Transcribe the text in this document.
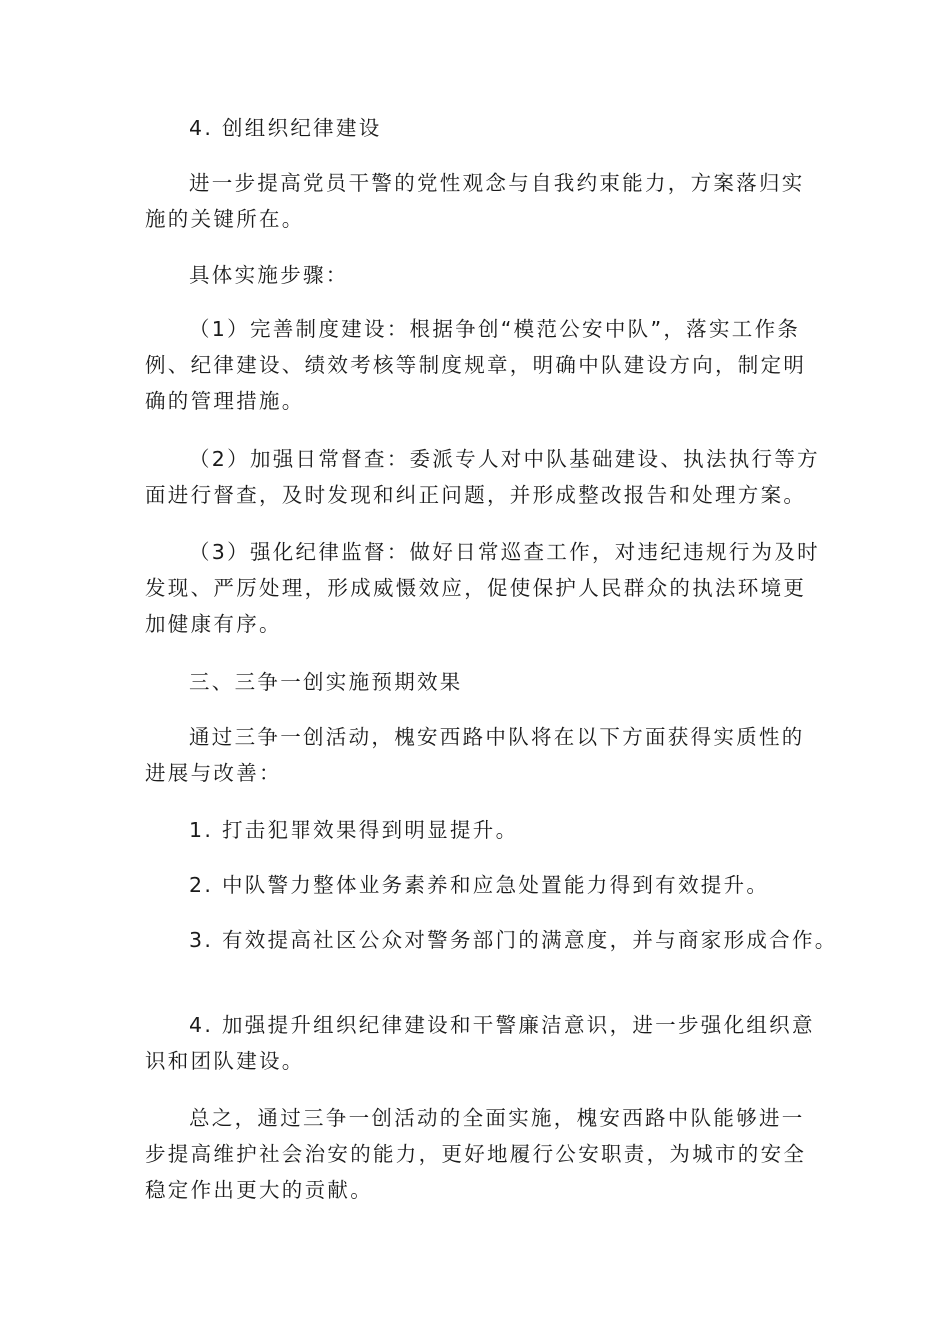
4. 创组织纪律建设

进一步提高党员干警的党性观念与自我约束能力，方案落归实
施的关键所在。

具体实施步骤：

（1）完善制度建设：根据争创“模范公安中队”，落实工作条
例、纪律建设、绩效考核等制度规章，明确中队建设方向，制定明
确的管理措施。

（2）加强日常督查：委派专人对中队基础建设、执法执行等方
面进行督查，及时发现和纠正问题，并形成整改报告和处理方案。

（3）强化纪律监督：做好日常巡查工作，对违纪违规行为及时
发现、严厉处理，形成威慑效应，促使保护人民群众的执法环境更
加健康有序。

三、三争一创实施预期效果

通过三争一创活动，槐安西路中队将在以下方面获得实质性的
进展与改善：

1. 打击犯罪效果得到明显提升。

2. 中队警力整体业务素养和应急处置能力得到有效提升。

3. 有效提高社区公众对警务部门的满意度，并与商家形成合作。

4. 加强提升组织纪律建设和干警廉洁意识，进一步强化组织意
识和团队建设。

总之，通过三争一创活动的全面实施，槐安西路中队能够进一
步提高维护社会治安的能力，更好地履行公安职责，为城市的安全
稳定作出更大的贡献。
